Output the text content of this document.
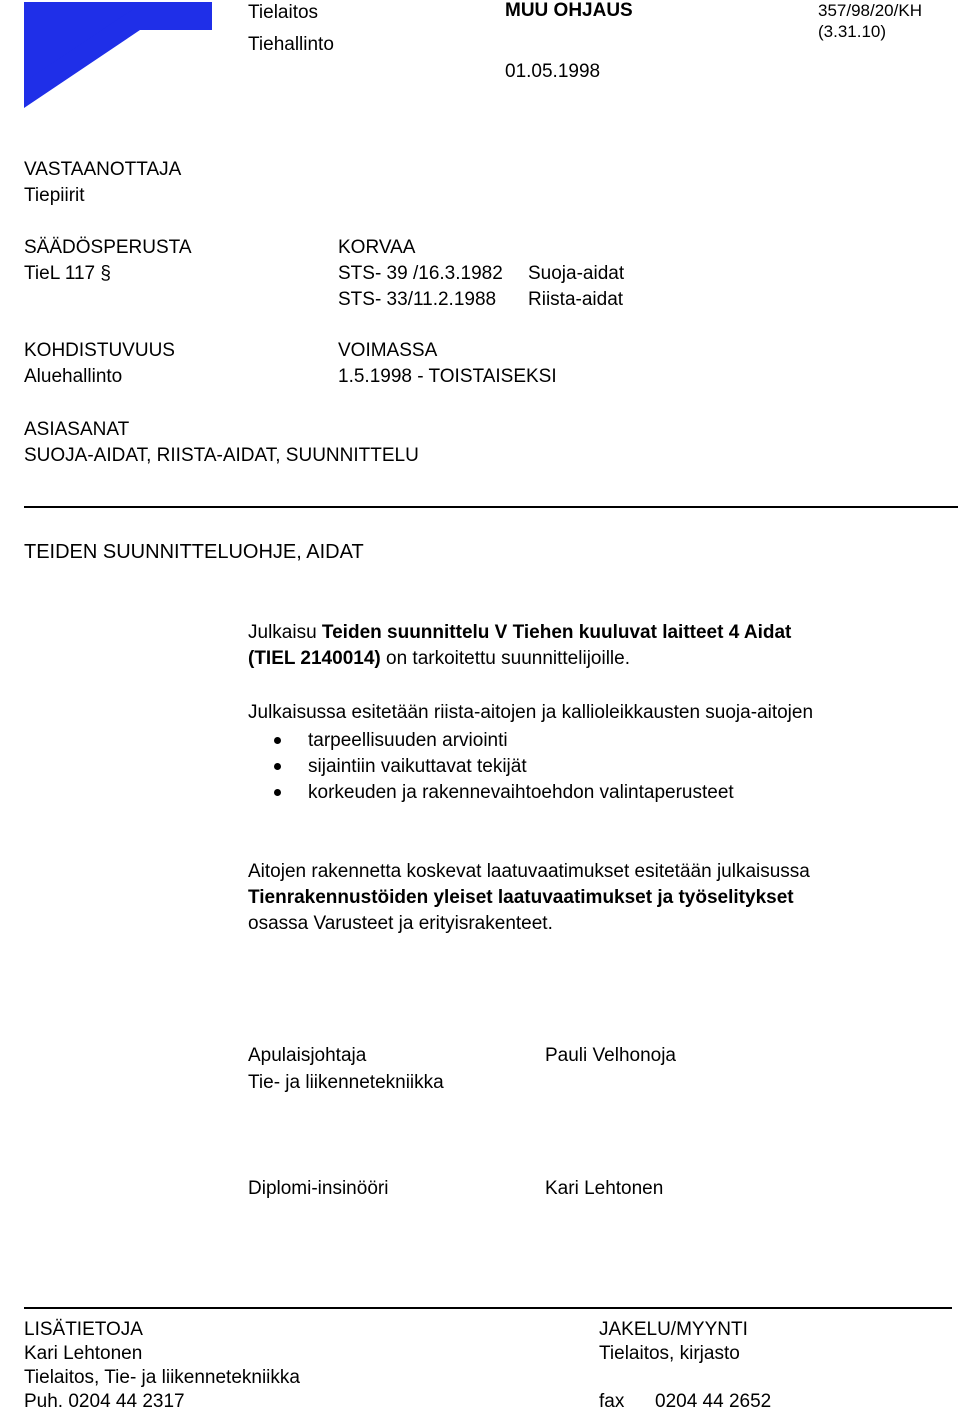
Tielaitos
Tiehallinto
MUU OHJAUS
01.05.1998
357/98/20/KH
(3.31.10)
VASTAANOTTAJA
Tiepiirit
SÄÄDÖSPERUSTA
TieL 117 §
KORVAA
STS- 39 /16.3.1982 Suoja-aidat
STS- 33/11.2.1988 Riista-aidat
KOHDISTUVUUS
Aluehallinto
VOIMASSA
1.5.1998 - TOISTAISEKSI
ASIASANAT
SUOJA-AIDAT, RIISTA-AIDAT, SUUNNITTELU
TEIDEN SUUNNITTELUOHJE, AIDAT
Julkaisu Teiden suunnittelu V Tiehen kuuluvat laitteet 4 Aidat
(TIEL 2140014) on tarkoitettu suunnittelijoille.
Julkaisussa esitetään riista-aitojen ja kallioleikkausten suoja-aitojen
tarpeellisuuden arviointi
sijaintiin vaikuttavat tekijät
korkeuden ja rakennevaihtoehdon valintaperusteet
Aitojen rakennetta koskevat laatuvaatimukset esitetään julkaisussa
Tienrakennustöiden yleiset laatuvaatimukset ja työselitykset
osassa Varusteet ja erityisrakenteet.
Apulaisjohtaja
Tie- ja liikennetekniikka
Pauli Velhonoja
Diplomi-insinööri	Kari Lehtonen
LISÄTIETOJA
Kari Lehtonen
Tielaitos, Tie- ja liikennetekniikka
Puh. 0204 44 2317
JAKELU/MYYNTI
Tielaitos, kirjasto
fax 0204 44 2652
